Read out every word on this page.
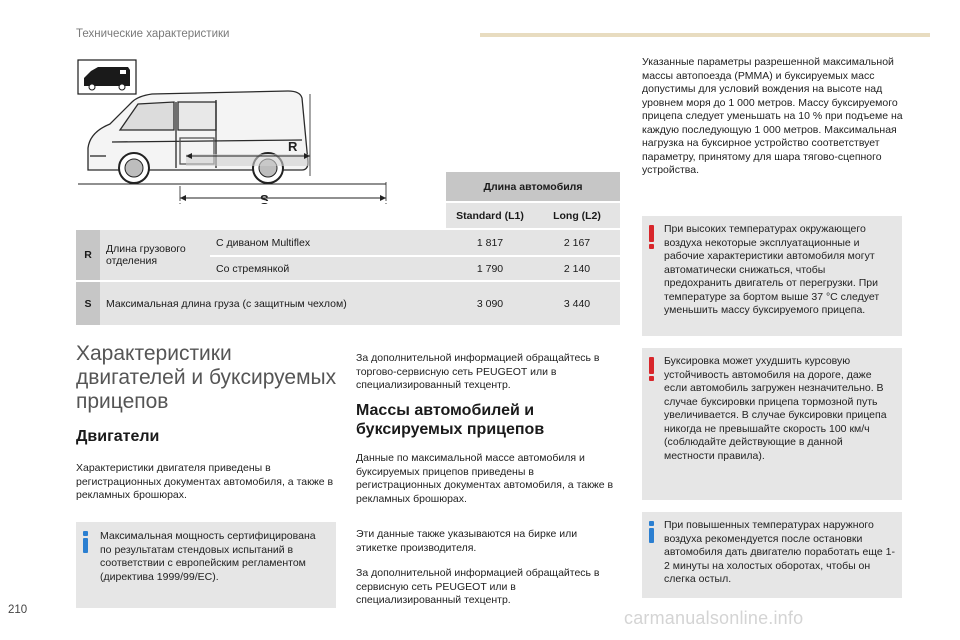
Технические характеристики
R
S
			Длина автомобиля	
			Standard (L1)	Long (L2)
R	Длина грузового отделения	С диваном Multiflex	1 817	2 167
		Со стремянкой	1 790	2 140
S	Максимальная длина груза (с защитным чехлом)		3 090	3 440
Характеристики двигателей и буксируемых прицепов
Двигатели

Характеристики двигателя приведены в регистрационных документах автомобиля, а также в рекламных брошюрах.

Максимальная мощность сертифицирована по результатам стендовых испытаний в соответствии с европейским регламентом (директива 1999/99/EC).

За дополнительной информацией обращайтесь в торгово-сервисную сеть PEUGEOT или в специализированный техцентр.

Массы автомобилей и буксируемых прицепов

Данные по максимальной массе автомобиля и буксируемых прицепов приведены в регистрационных документах автомобиля, а также в рекламных брошюрах.

Эти данные также указываются на бирке или этикетке производителя.

За дополнительной информацией обращайтесь в сервисную сеть PEUGEOT или в специализированный техцентр.

Указанные параметры разрешенной максимальной массы автопоезда (РММА) и буксируемых масс допустимы для условий вождения на высоте над уровнем моря до 1 000 метров. Массу буксируемого прицепа следует уменьшать на 10 % при подъеме на каждую последующую 1 000 метров. Максимальная нагрузка на буксирное устройство соответствует параметру, принятому для шара тягово-сцепного устройства.

При высоких температурах окружающего воздуха некоторые эксплуатационные и рабочие характеристики автомобиля могут автоматически снижаться, чтобы предохранить двигатель от перегрузки. При температуре за бортом выше 37 °C следует уменьшить массу буксируемого прицепа.

Буксировка может ухудшить курсовую устойчивость автомобиля на дороге, даже если автомобиль загружен незначительно. В случае буксировки прицепа тормозной путь увеличивается. В случае буксировки прицепа никогда не превышайте скорость 100 км/ч (соблюдайте действующие в данной местности правила).

При повышенных температурах наружного воздуха рекомендуется после остановки автомобиля дать двигателю поработать еще 1-2 минуты на холостых оборотах, чтобы он слегка остыл.

210	carmanualsonline.info
